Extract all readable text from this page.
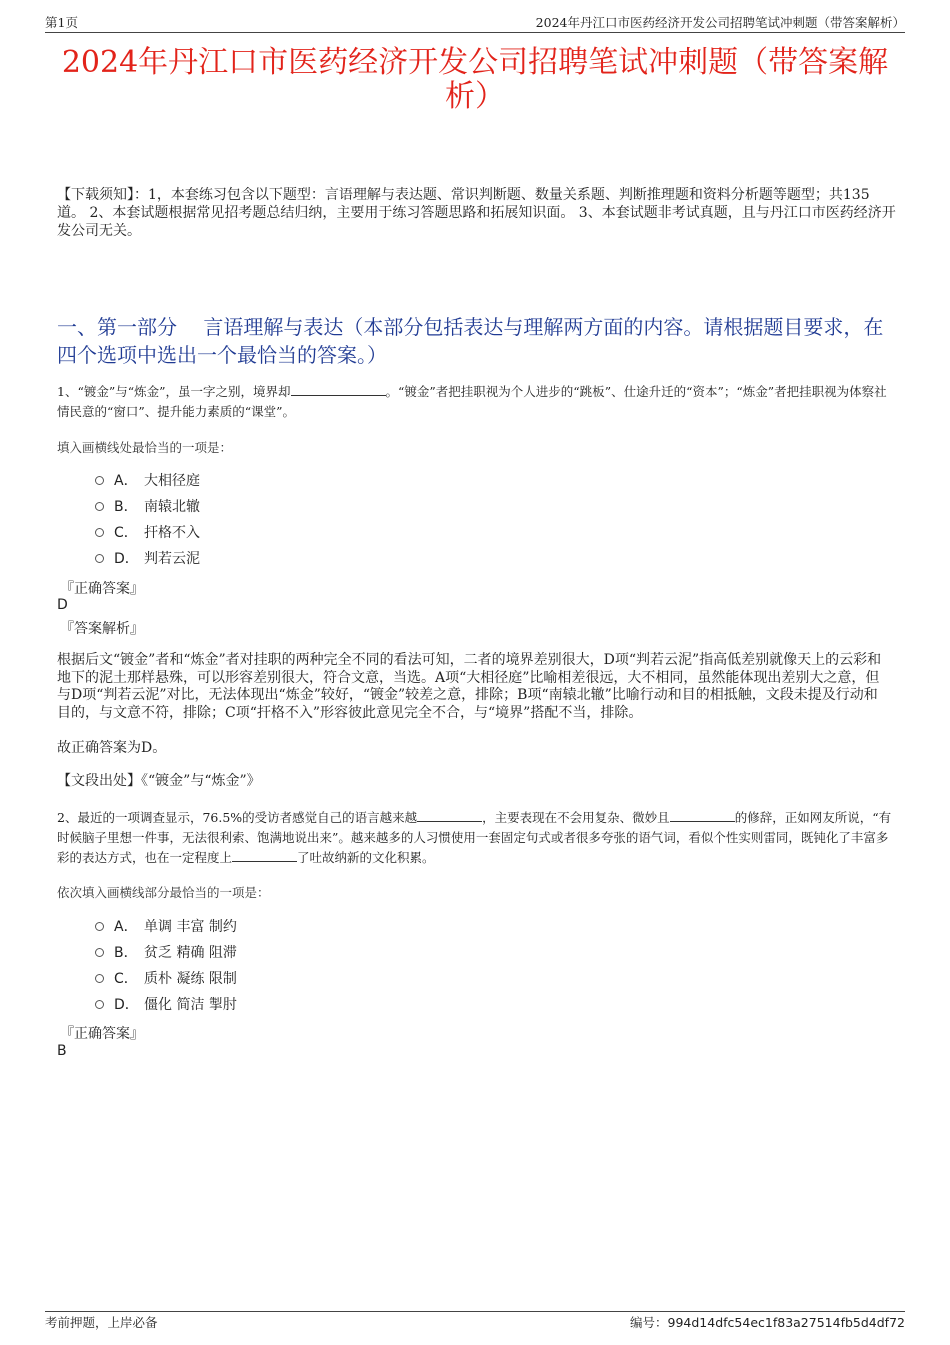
第1页	2024年丹江口市医药经济开发公司招聘笔试冲刺题（带答案解析）
2024年丹江口市医药经济开发公司招聘笔试冲刺题（带答案解析）
【下载须知】：1，本套练习包含以下题型：言语理解与表达题、常识判断题、数量关系题、判断推理题和资料分析题等题型；共135道。 2、本套试题根据常见招考题总结归纳，主要用于练习答题思路和拓展知识面。 3、本套试题非考试真题，且与丹江口市医药经济开发公司无关。
一、第一部分　 言语理解与表达（本部分包括表达与理解两方面的内容。请根据题目要求，在四个选项中选出一个最恰当的答案。）
1、“镀金”与“炼金”，虽一字之别，境界却	。“镀金”者把挂职视为个人进步的“跳板”、仕途升迁的“资本”；“炼金”者把挂职视为体察社情民意的“窗口”、提升能力素质的“课堂”。
填入画横线处最恰当的一项是：
A． 大相径庭
B． 南辕北辙
C． 扞格不入
D． 判若云泥
『正确答案』
D
『答案解析』
根据后文“镀金”者和“炼金”者对挂职的两种完全不同的看法可知，二者的境界差别很大，D项“判若云泥”指高低差别就像天上的云彩和地下的泥土那样悬殊，可以形容差别很大，符合文意，当选。A项“大相径庭”比喻相差很远，大不相同，虽然能体现出差别大之意，但与D项“判若云泥”对比，无法体现出“炼金”较好，“镀金”较差之意，排除；B项“南辕北辙”比喻行动和目的相抵触，文段未提及行动和目的，与文意不符，排除；C项“扞格不入”形容彼此意见完全不合，与“境界”搭配不当，排除。
故正确答案为D。
【文段出处】《“镀金”与“炼金”》
2、最近的一项调查显示，76.5%的受访者感觉自己的语言越来越	，主要表现在不会用复杂、微妙且	的修辞，正如网友所说，“有时候脑子里想一件事，无法很利索、饱满地说出来”。越来越多的人习惯使用一套固定句式或者很多夸张的语气词，看似个性实则雷同，既钝化了丰富多彩的表达方式，也在一定程度上	了吐故纳新的文化积累。
依次填入画横线部分最恰当的一项是：
A． 单调 丰富 制约
B． 贫乏 精确 阻滞
C． 质朴 凝练 限制
D． 僵化 简洁 掣肘
『正确答案』
B
考前押题，上岸必备	编号：994d14dfc54ec1f83a27514fb5d4df72
